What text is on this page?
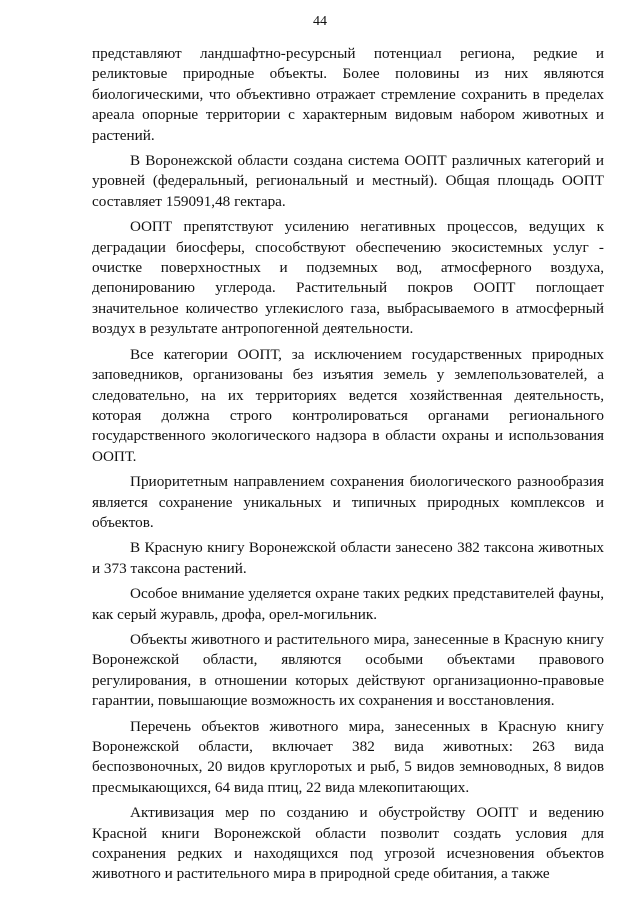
44

представляют ландшафтно-ресурсный потенциал региона, редкие и реликтовые природные объекты. Более половины из них являются биологическими, что объективно отражает стремление сохранить в пределах ареала опорные территории с характерным видовым набором животных и растений.

В Воронежской области создана система ООПТ различных категорий и уровней (федеральный, региональный и местный). Общая площадь ООПТ составляет 159091,48 гектара.

ООПТ препятствуют усилению негативных процессов, ведущих к деградации биосферы, способствуют обеспечению экосистемных услуг - очистке поверхностных и подземных вод, атмосферного воздуха, депонированию углерода. Растительный покров ООПТ поглощает значительное количество углекислого газа, выбрасываемого в атмосферный воздух в результате антропогенной деятельности.

Все категории ООПТ, за исключением государственных природных заповедников, организованы без изъятия земель у землепользователей, а следовательно, на их территориях ведется хозяйственная деятельность, которая должна строго контролироваться органами регионального государственного экологического надзора в области охраны и использования ООПТ.

Приоритетным направлением сохранения биологического разнообразия является сохранение уникальных и типичных природных комплексов и объектов.

В Красную книгу Воронежской области занесено 382 таксона животных и 373 таксона растений.

Особое внимание уделяется охране таких редких представителей фауны, как серый журавль, дрофа, орел-могильник.

Объекты животного и растительного мира, занесенные в Красную книгу Воронежской области, являются особыми объектами правового регулирования, в отношении которых действуют организационно-правовые гарантии, повышающие возможность их сохранения и восстановления.

Перечень объектов животного мира, занесенных в Красную книгу Воронежской области, включает 382 вида животных: 263 вида беспозвоночных, 20 видов круглоротых и рыб, 5 видов земноводных, 8 видов пресмыкающихся, 64 вида птиц, 22 вида млекопитающих.

Активизация мер по созданию и обустройству ООПТ и ведению Красной книги Воронежской области позволит создать условия для сохранения редких и находящихся под угрозой исчезновения объектов животного и растительного мира в природной среде обитания, а также
